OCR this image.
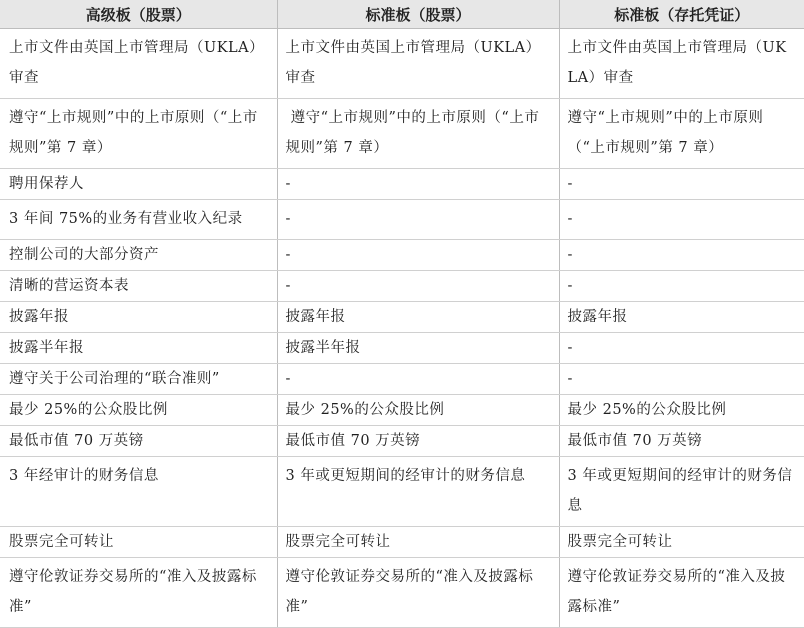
高级板（股票）	标准板（股票）	标准板（存托凭证）
上市文件由英国上市管理局（UKLA）审查	上市文件由英国上市管理局（UKLA）审查	上市文件由英国上市管理局（UKLA）审查
遵守“上市规则”中的上市原则（“上市规则”第 7 章）	遵守“上市规则”中的上市原则（“上市规则”第 7 章）	遵守“上市规则”中的上市原则（“上市规则”第 7 章）
聘用保荐人	-	-
3 年间 75%的业务有营业收入纪录	-	-
控制公司的大部分资产	-	-
清晰的营运资本表	-	-
披露年报	披露年报	披露年报
披露半年报	披露半年报	-
遵守关于公司治理的“联合准则”	-	-
最少 25%的公众股比例	最少 25%的公众股比例	最少 25%的公众股比例
最低市值 70 万英镑	最低市值 70 万英镑	最低市值 70 万英镑
3 年经审计的财务信息	3 年或更短期间的经审计的财务信息	3 年或更短期间的经审计的财务信息
股票完全可转让	股票完全可转让	股票完全可转让
遵守伦敦证券交易所的“准入及披露标准”	遵守伦敦证券交易所的“准入及披露标准”	遵守伦敦证券交易所的“准入及披露标准”
